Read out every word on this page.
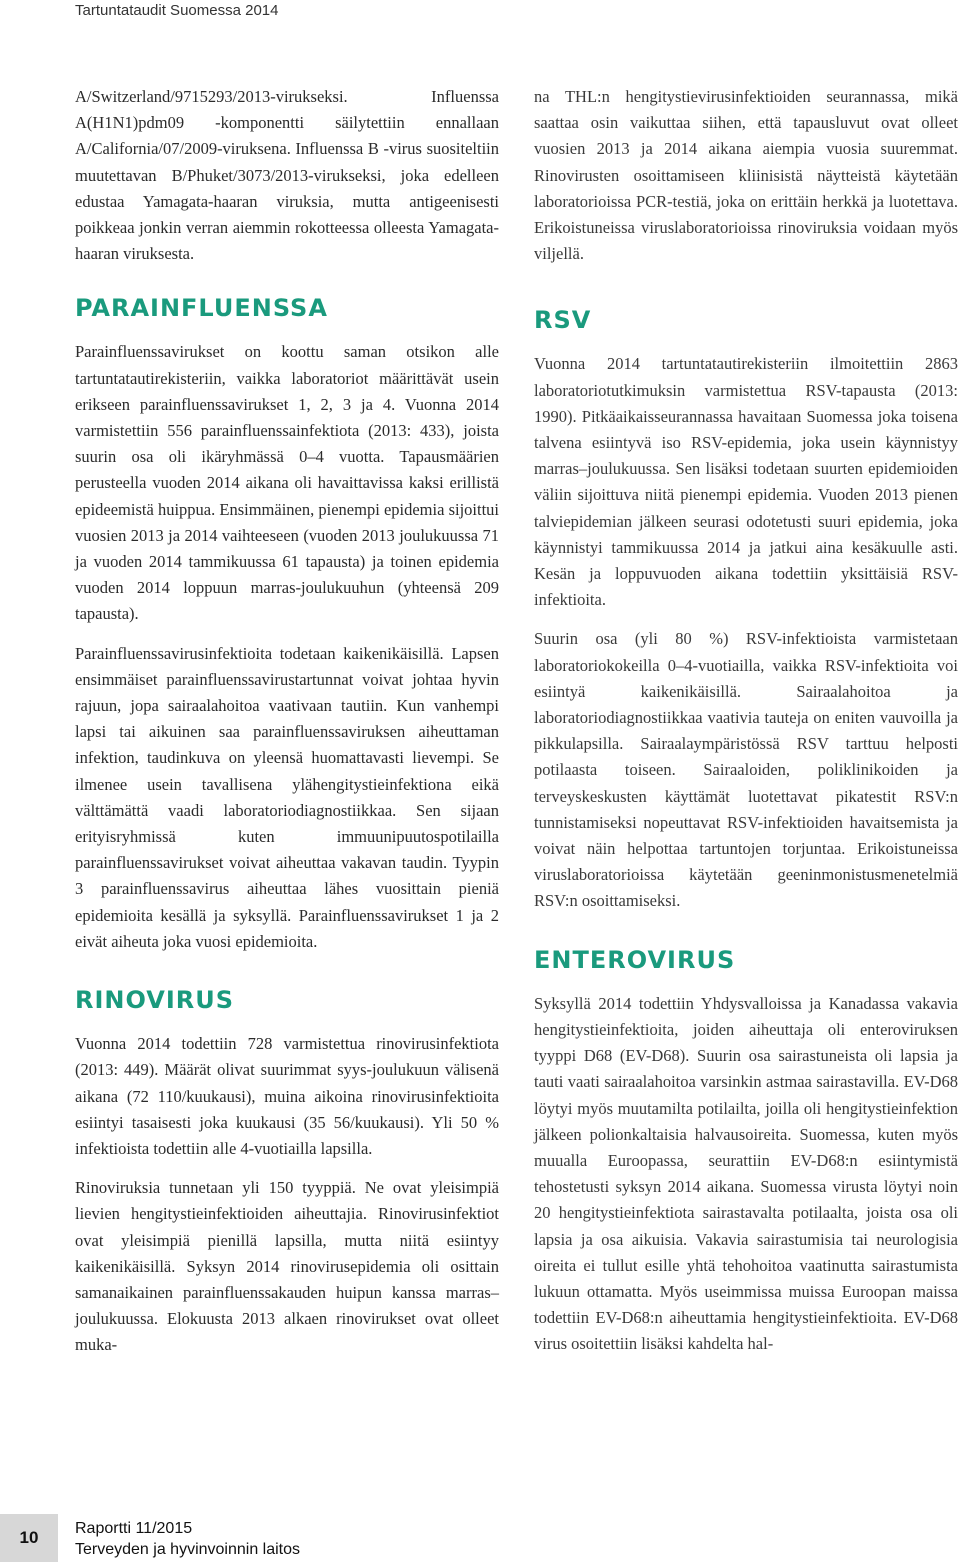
Tartuntataudit Suomessa 2014

A/Switzerland/9715293/2013-virukseksi. Influenssa A(H1N1)pdm09 -komponentti säilytettiin ennallaan A/California/07/2009-viruksena. Influenssa B -virus suositeltiin muutettavan B/Phuket/3073/2013-virukseksi, joka edelleen edustaa Yamagata-haaran viruksia, mutta antigeenisesti poikkeaa jonkin verran aiemmin rokotteessa olleesta Yamagata-haaran viruksesta.

PARAINFLUENSSA

Parainfluenssavirukset on koottu saman otsikon alle tartuntatautirekisteriin, vaikka laboratoriot määrittävät usein erikseen parainfluenssavirukset 1, 2, 3 ja 4. Vuonna 2014 varmistettiin 556 parainfluenssainfektiota (2013: 433), joista suurin osa oli ikäryhmässä 0–4 vuotta. Tapausmäärien perusteella vuoden 2014 aikana oli havaittavissa kaksi erillistä epideemistä huippua. Ensimmäinen, pienempi epidemia sijoittui vuosien 2013 ja 2014 vaihteeseen (vuoden 2013 joulukuussa 71 ja vuoden 2014 tammikuussa 61 tapausta) ja toinen epidemia vuoden 2014 loppuun marras-joulukuuhun (yhteensä 209 tapausta).

Parainfluenssavirusinfektioita todetaan kaikenikäisillä. Lapsen ensimmäiset parainfluenssavirustartunnat voivat johtaa hyvin rajuun, jopa sairaalahoitoa vaativaan tautiin. Kun vanhempi lapsi tai aikuinen saa parainfluenssaviruksen aiheuttaman infektion, taudinkuva on yleensä huomattavasti lievempi. Se ilmenee usein tavallisena ylähengitystieinfektiona eikä välttämättä vaadi laboratoriodiagnostiikkaa. Sen sijaan erityisryhmissä kuten immuunipuutospotilailla parainfluenssavirukset voivat aiheuttaa vakavan taudin. Tyypin 3 parainfluenssavirus aiheuttaa lähes vuosittain pieniä epidemioita kesällä ja syksyllä. Parainfluenssavirukset 1 ja 2 eivät aiheuta joka vuosi epidemioita.

RINOVIRUS

Vuonna 2014 todettiin 728 varmistettua rinovirusinfektiota (2013: 449). Määrät olivat suurimmat syys-joulukuun välisenä aikana (72 110/kuukausi), muina aikoina rinovirusinfektioita esiintyi tasaisesti joka kuukausi (35 56/kuukausi). Yli 50 % infektioista todettiin alle 4-vuotiailla lapsilla.

Rinoviruksia tunnetaan yli 150 tyyppiä. Ne ovat yleisimpiä lievien hengitystieinfektioiden aiheuttajia. Rinovirusinfektiot ovat yleisimpiä pienillä lapsilla, mutta niitä esiintyy kaikenikäisillä. Syksyn 2014 rinovirusepidemia oli osittain samanaikainen parainfluenssakauden huipun kanssa marras–joulukuussa. Elokuusta 2013 alkaen rinovirukset ovat olleet muka-

na THL:n hengitystievirusinfektioiden seurannassa, mikä saattaa osin vaikuttaa siihen, että tapausluvut ovat olleet vuosien 2013 ja 2014 aikana aiempia vuosia suuremmat. Rinovirusten osoittamiseen kliinisistä näytteistä käytetään laboratorioissa PCR-testiä, joka on erittäin herkkä ja luotettava. Erikoistuneissa viruslaboratorioissa rinoviruksia voidaan myös viljellä.

RSV

Vuonna 2014 tartuntatautirekisteriin ilmoitettiin 2863 laboratoriotutkimuksin varmistettua RSV-tapausta (2013: 1990). Pitkäaikaisseurannassa havaitaan Suomessa joka toisena talvena esiintyvä iso RSV-epidemia, joka usein käynnistyy marras–joulukuussa. Sen lisäksi todetaan suurten epidemioiden väliin sijoittuva niitä pienempi epidemia. Vuoden 2013 pienen talviepidemian jälkeen seurasi odotetusti suuri epidemia, joka käynnistyi tammikuussa 2014 ja jatkui aina kesäkuulle asti. Kesän ja loppuvuoden aikana todettiin yksittäisiä RSV-infektioita.

Suurin osa (yli 80 %) RSV-infektioista varmistetaan laboratoriokokeilla 0–4-vuotiailla, vaikka RSV-infektioita voi esiintyä kaikenikäisillä. Sairaalahoitoa ja laboratoriodiagnostiikkaa vaativia tauteja on eniten vauvoilla ja pikkulapsilla. Sairaalaympäristössä RSV tarttuu helposti potilaasta toiseen. Sairaaloiden, poliklinikoiden ja terveyskeskusten käyttämät luotettavat pikatestit RSV:n tunnistamiseksi nopeuttavat RSV-infektioiden havaitsemista ja voivat näin helpottaa tartuntojen torjuntaa. Erikoistuneissa viruslaboratorioissa käytetään geeninmonistusmenetelmiä RSV:n osoittamiseksi.

ENTEROVIRUS

Syksyllä 2014 todettiin Yhdysvalloissa ja Kanadassa vakavia hengitystieinfektioita, joiden aiheuttaja oli enteroviruksen tyyppi D68 (EV-D68). Suurin osa sairastuneista oli lapsia ja tauti vaati sairaalahoitoa varsinkin astmaa sairastavilla. EV-D68 löytyi myös muutamilta potilailta, joilla oli hengitystieinfektion jälkeen polionkaltaisia halvausoireita. Suomessa, kuten myös muualla Euroopassa, seurattiin EV-D68:n esiintymistä tehostetusti syksyn 2014 aikana. Suomessa virusta löytyi noin 20 hengitystieinfektiota sairastavalta potilaalta, joista osa oli lapsia ja osa aikuisia. Vakavia sairastumisia tai neurologisia oireita ei tullut esille yhtä tehohoitoa vaatinutta sairastumista lukuun ottamatta. Myös useimmissa muissa Euroopan maissa todettiin EV-D68:n aiheuttamia hengitystieinfektioita. EV-D68 virus osoitettiin lisäksi kahdelta hal-

10	Raportti 11/2015
Terveyden ja hyvinvoinnin laitos
